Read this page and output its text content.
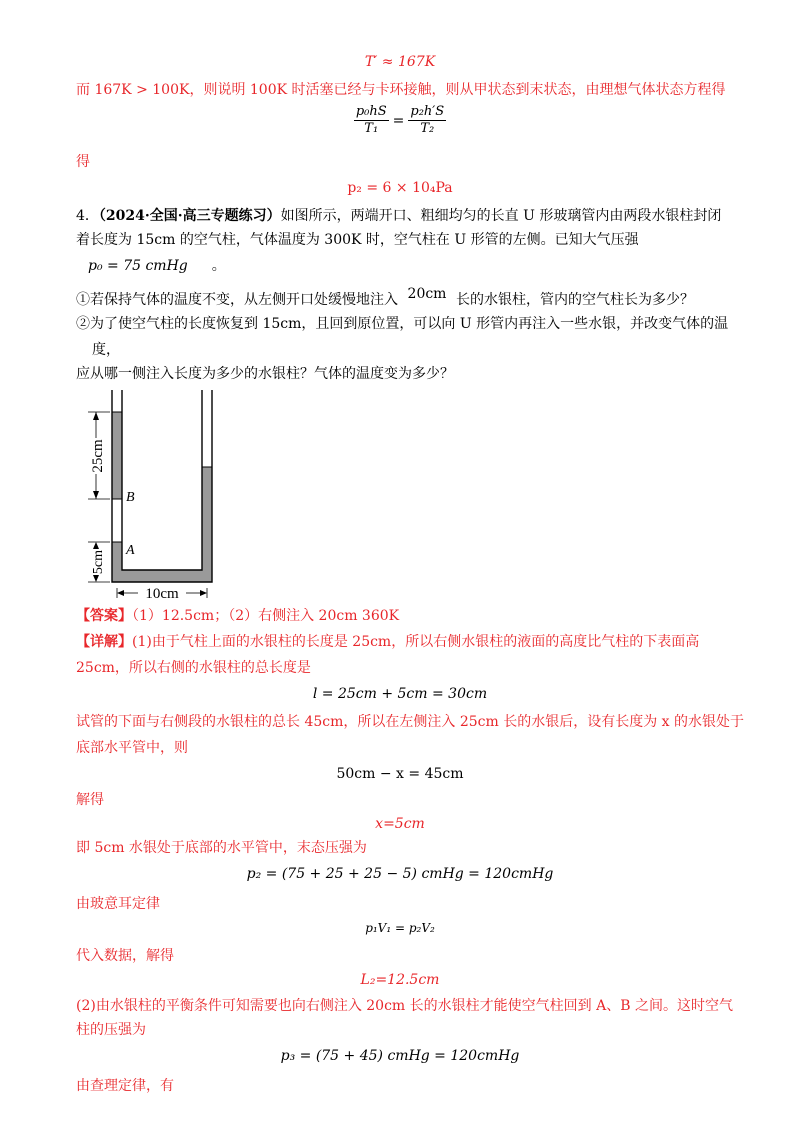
T′ ≈ 167K
而 167K > 100K，则说明 100K 时活塞已经与卡环接触，则从甲状态到末状态，由理想气体状态方程得
$\frac{\text{p₀hS}}{\text{T₁}} = \frac{\text{p₂h′S}}{\text{T₂}}$
得
p₂ = 6 × 10₄Pa
4．（2024·全国·高三专题练习）如图所示，两端开口、粗细均匀的长直 U 形玻璃管内由两段水银柱封闭
着长度为 15cm 的空气柱，气体温度为 300K 时，空气柱在 U 形管的左侧。已知大气压强
p₀ = 75 cmHg 。
①若保持气体的温度不变，从左侧开口处缓慢地注入 20cm 长的水银柱，管内的空气柱长为多少？
②为了使空气柱的长度恢复到 15cm，且回到原位置，可以向 U 形管内再注入一些水银，并改变气体的温
度，
应从哪一侧注入长度为多少的水银柱？气体的温度变为多少？
25cm
5cm
10cm
B
A
【答案】（1）12.5cm；（2）右侧注入 20cm 360K
【详解】(1)由于气柱上面的水银柱的长度是 25cm，所以右侧水银柱的液面的高度比气柱的下表面高
25cm，所以右侧的水银柱的总长度是
l = 25cm + 5cm = 30cm
试管的下面与右侧段的水银柱的总长 45cm，所以在左侧注入 25cm 长的水银后，设有长度为 x 的水银处于
底部水平管中，则
50cm − x = 45cm
解得
x=5cm
即 5cm 水银处于底部的水平管中，末态压强为
p₂ = (75 + 25 + 25 − 5) cmHg = 120cmHg
由玻意耳定律
p₁V₁ = p₂V₂
代入数据，解得
L₂=12.5cm
(2)由水银柱的平衡条件可知需要也向右侧注入 20cm 长的水银柱才能使空气柱回到 A、B 之间。这时空气
柱的压强为
p₃ = (75 + 45) cmHg = 120cmHg
由查理定律，有
